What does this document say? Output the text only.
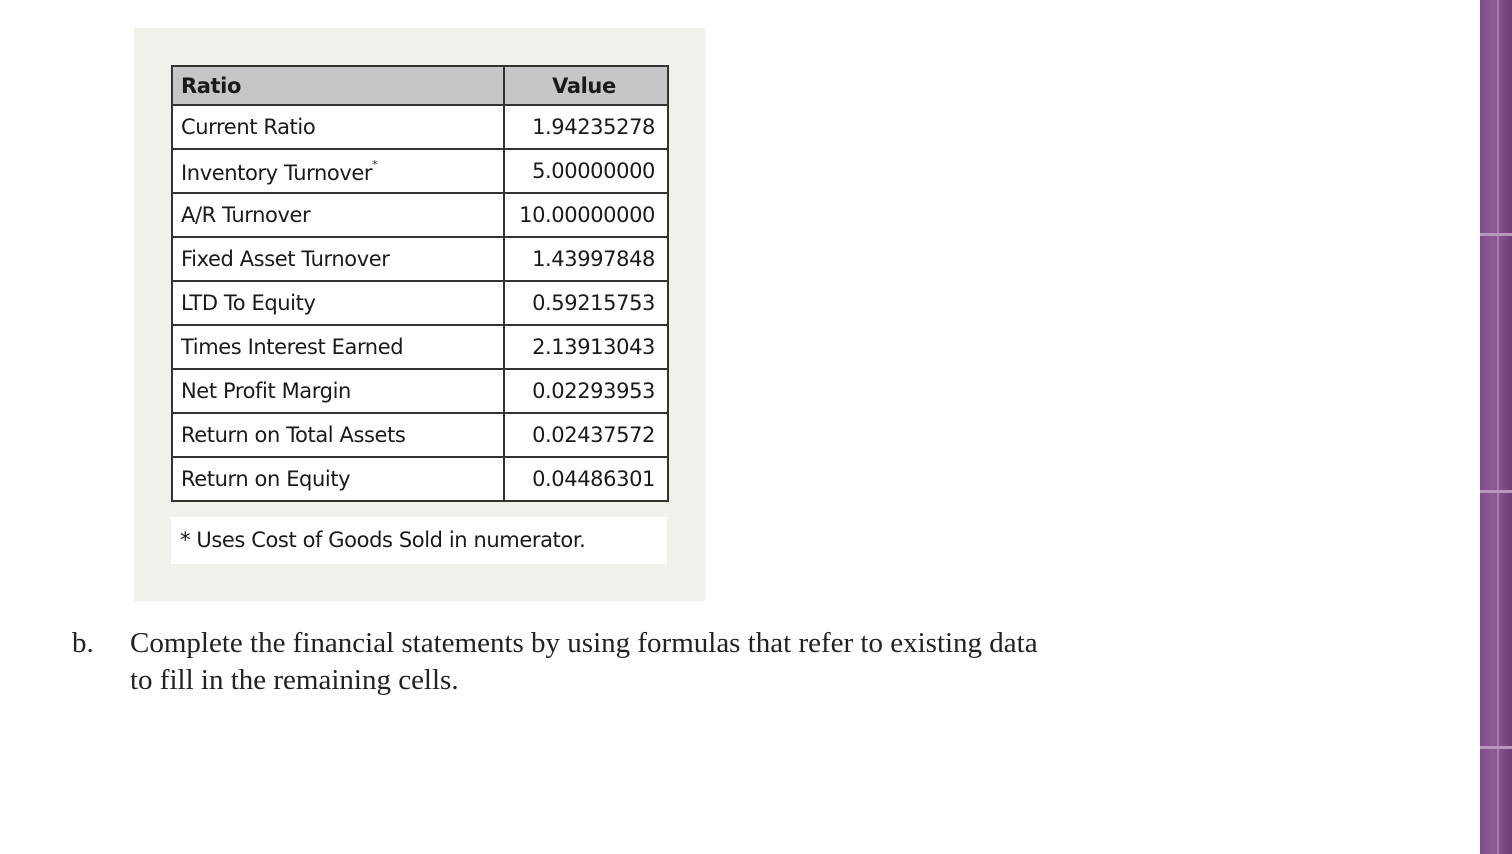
Ratio	Value
Current Ratio	1.94235278
Inventory Turnover*	5.00000000
A/R Turnover	10.00000000
Fixed Asset Turnover	1.43997848
LTD To Equity	0.59215753
Times Interest Earned	2.13913043
Net Profit Margin	0.02293953
Return on Total Assets	0.02437572
Return on Equity	0.04486301
* Uses Cost of Goods Sold in numerator.
b. Complete the financial statements by using formulas that refer to existing data
to fill in the remaining cells.
